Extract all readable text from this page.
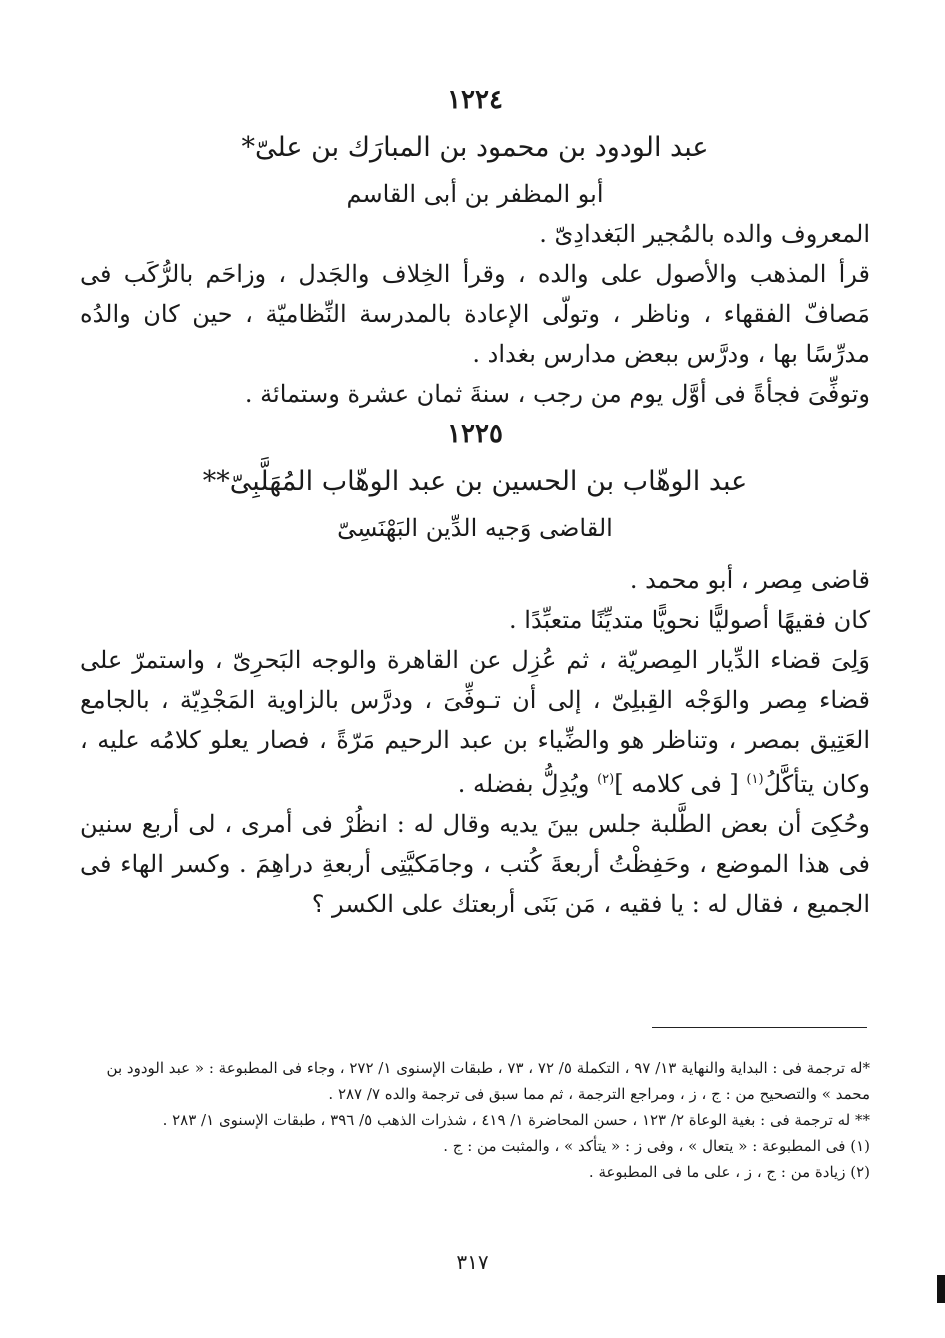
١٢٢٤

عبد الودود بن محمود بن المبارَك بن علىّ*

أبو المظفر بن أبى القاسم

المعروف والده بالمُجير البَغدادِىّ .

قرأ المذهب والأصول على والده ، وقرأ الخِلاف والجَدل ، وزاحَم بالرُّكَب فى مَصافّ الفقهاء ، وناظر ، وتولّى الإعادة بالمدرسة النِّظاميّة ، حين كان والدُه مدرِّسًا بها ، ودرَّس ببعض مدارس بغداد .

وتوفِّىَ فجأةً فى أوَّل يوم من رجب ، سنةَ ثمان عشرة وستمائة .

١٢٢٥

عبد الوهّاب بن الحسين بن عبد الوهّاب المُهَلَّبِىّ**

القاضى وَجيه الدِّين البَهْنَسِىّ

قاضى مِصر ، أبو محمد .

كان فقيهًا أصوليًّا نحويًّا متديِّنًا متعبِّدًا .

وَلِىَ قضاء الدِّيار المِصريّة ، ثم عُزِل عن القاهرة والوجه البَحرِىّ ، واستمرّ على قضاء مِصر والوَجْه القِبلِىّ ، إلى أن تـوفِّىَ ، ودرَّس بالزاوية المَجْدِيّة ، بالجامع العَتِيق بمصر ، وتناظر هو والضِّياء بن عبد الرحيم مَرّةً ، فصار يعلو كلامُه عليه ، وكان يتأكَّلُ$^{(١)}$ [ فى كلامه ]$^{(٢)}$ ويُدِلُّ بفضله .

وحُكِىَ أن بعض الطَّلبة جلس بينَ يديه وقال له : انظُرْ فى أمرى ، لى أربع سنين فى هذا الموضع ، وحَفِظْتُ أربعةَ كُتب ، وجامَكيَّتِى أربعةِ دراهِمَ . وكسر الهاء فى الجميع ، فقال له : يا فقيه ، مَن بَنَى أربعتك على الكسر ؟

*له ترجمة فى : البداية والنهاية ١٣/ ٩٧ ، التكملة ٥/ ٧٢ ، ٧٣ ، طبقات الإسنوى ١/ ٢٧٢ ، وجاء فى المطبوعة : « عبد الودود بن محمد » والتصحيح من : ج ، ز ، ومراجع الترجمة ، ثم مما سبق فى ترجمة والده ٧/ ٢٨٧ .

** له ترجمة فى : بغية الوعاة ٢/ ١٢٣ ، حسن المحاضرة ١/ ٤١٩ ، شذرات الذهب ٥/ ٣٩٦ ، طبقات الإسنوى ١/ ٢٨٣ .

(١) فى المطبوعة : « يتعال » ، وفى ز : « يتأكد » ، والمثبت من : ج .

(٢) زيادة من : ج ، ز ، على ما فى المطبوعة .

٣١٧
